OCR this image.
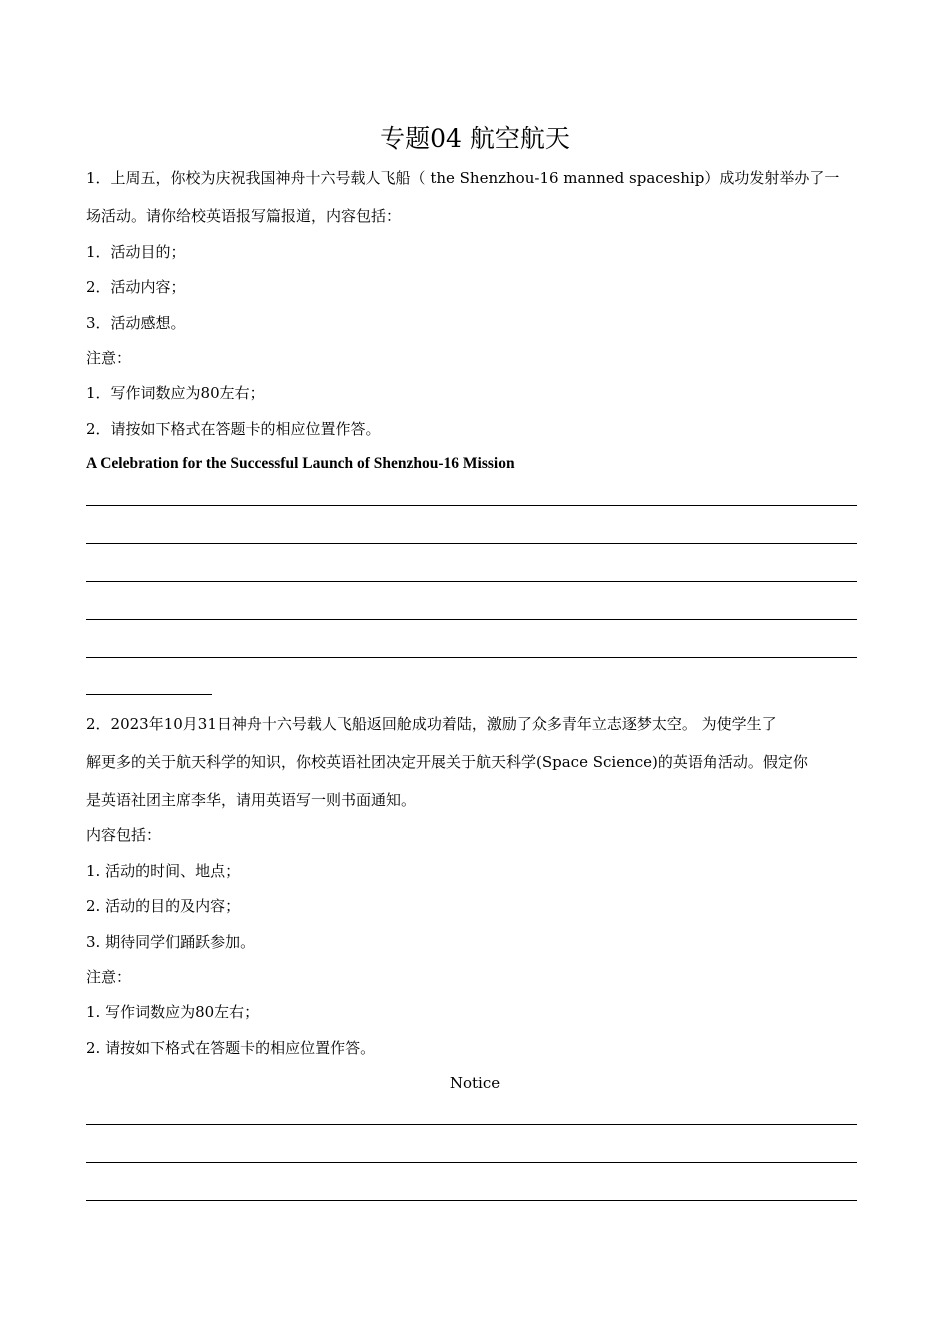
专题04 航空航天
1．上周五，你校为庆祝我国神舟十六号载人飞船（ the Shenzhou-16 manned spaceship）成功发射举办了一
场活动。请你给校英语报写篇报道，内容包括：
1．活动目的；
2．活动内容；
3．活动感想。
注意：
1．写作词数应为80左右；
2．请按如下格式在答题卡的相应位置作答。
A Celebration for the Successful Launch of Shenzhou-16 Mission
2．2023年10月31日神舟十六号载人飞船返回舱成功着陆，激励了众多青年立志逐梦太空。 为使学生了
解更多的关于航天科学的知识，你校英语社团决定开展关于航天科学(Space Science)的英语角活动。假定你
是英语社团主席李华，请用英语写一则书面通知。
内容包括：
1. 活动的时间、地点；
2. 活动的目的及内容；
3. 期待同学们踊跃参加。
注意：
1. 写作词数应为80左右；
2. 请按如下格式在答题卡的相应位置作答。
Notice
